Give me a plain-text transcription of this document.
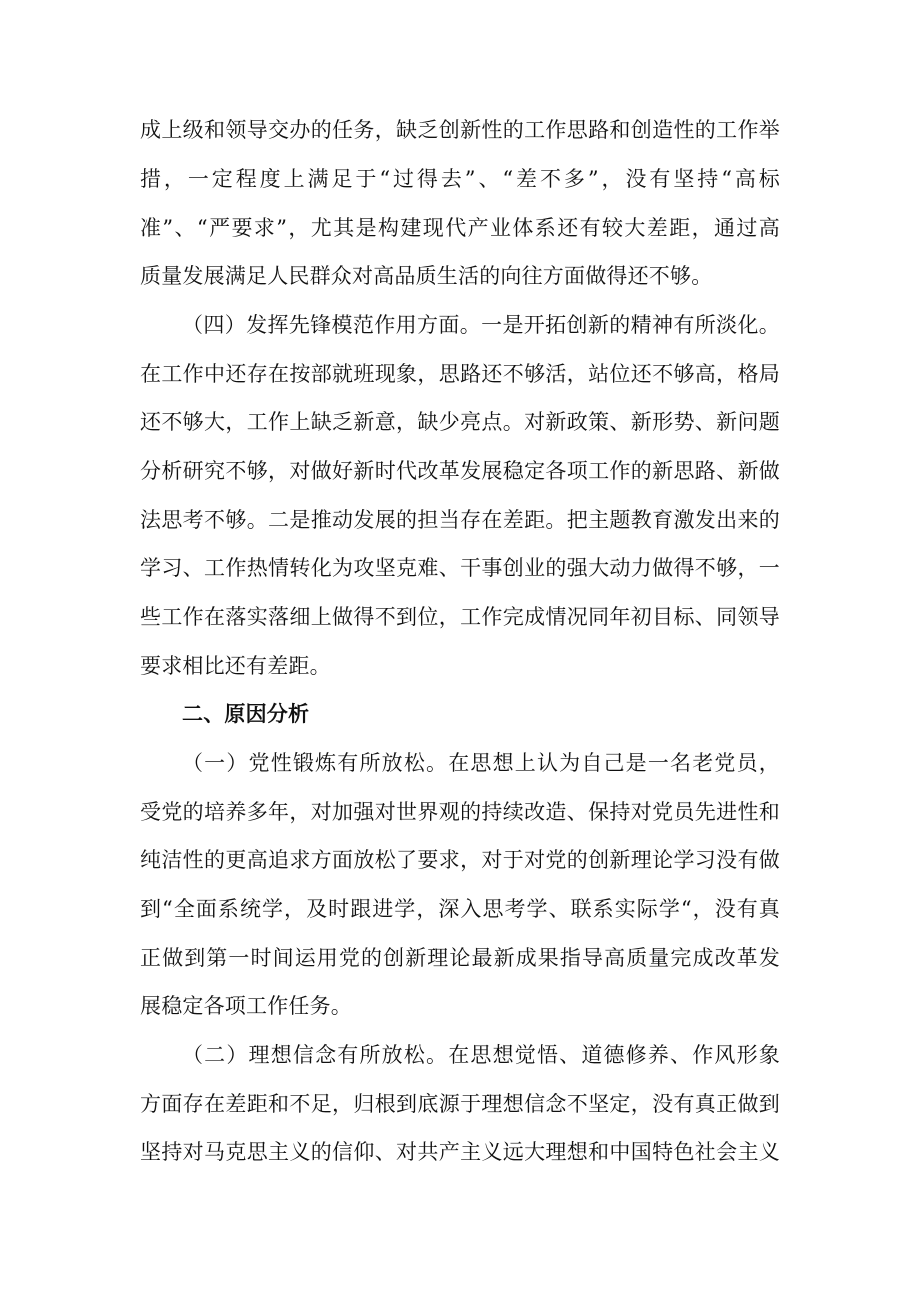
成上级和领导交办的任务，缺乏创新性的工作思路和创造性的工作举
措，一定程度上满足于“过得去”、“差不多”，没有坚持“高标
准”、“严要求”，尤其是构建现代产业体系还有较大差距，通过高
质量发展满足人民群众对高品质生活的向往方面做得还不够。
（四）发挥先锋模范作用方面。一是开拓创新的精神有所淡化。
在工作中还存在按部就班现象，思路还不够活，站位还不够高，格局
还不够大，工作上缺乏新意，缺少亮点。对新政策、新形势、新问题
分析研究不够，对做好新时代改革发展稳定各项工作的新思路、新做
法思考不够。二是推动发展的担当存在差距。把主题教育激发出来的
学习、工作热情转化为攻坚克难、干事创业的强大动力做得不够，一
些工作在落实落细上做得不到位，工作完成情况同年初目标、同领导
要求相比还有差距。
二、原因分析
（一）党性锻炼有所放松。在思想上认为自己是一名老党员，
受党的培养多年，对加强对世界观的持续改造、保持对党员先进性和
纯洁性的更高追求方面放松了要求，对于对党的创新理论学习没有做
到“全面系统学，及时跟进学，深入思考学、联系实际学“，没有真
正做到第一时间运用党的创新理论最新成果指导高质量完成改革发
展稳定各项工作任务。
（二）理想信念有所放松。在思想觉悟、道德修养、作风形象
方面存在差距和不足，归根到底源于理想信念不坚定，没有真正做到
坚持对马克思主义的信仰、对共产主义远大理想和中国特色社会主义
